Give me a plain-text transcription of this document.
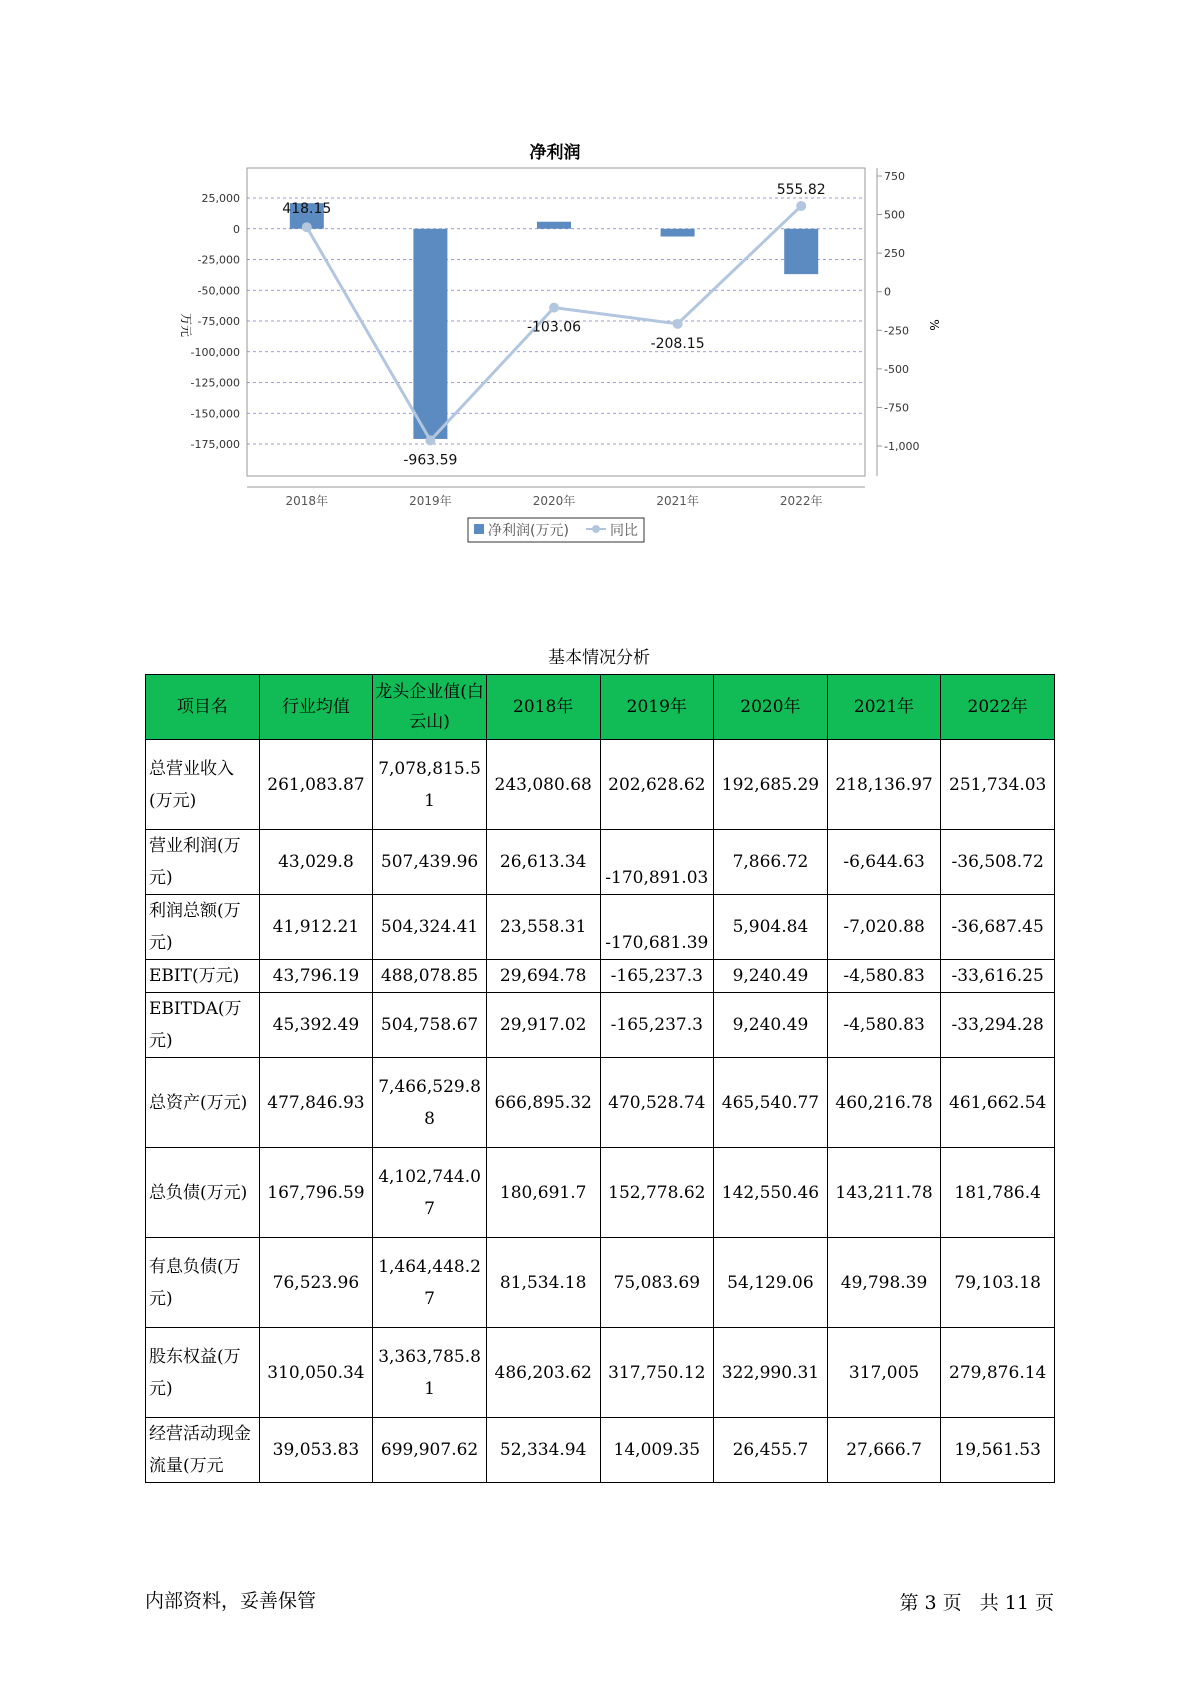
净利润
25,000
0
-25,000
-50,000
-75,000
-100,000
-125,000
-150,000
-175,000
750
500
250
0
-250
-500
-750
-1,000
万元	%
418.15
-963.59
-103.06
-208.15
555.82
2018年	2019年	2020年	2021年	2022年
净利润(万元)	同比
基本情况分析
项目名	行业均值	龙头企业值(白云山)	2018年	2019年	2020年	2021年	2022年
总营业收入(万元)	261,083.87	7,078,815.51	243,080.68	202,628.62	192,685.29	218,136.97	251,734.03
营业利润(万元)	43,029.8	507,439.96	26,613.34	-170,891.03	7,866.72	-6,644.63	-36,508.72
利润总额(万元)	41,912.21	504,324.41	23,558.31	-170,681.39	5,904.84	-7,020.88	-36,687.45
EBIT(万元)	43,796.19	488,078.85	29,694.78	-165,237.3	9,240.49	-4,580.83	-33,616.25
EBITDA(万元)	45,392.49	504,758.67	29,917.02	-165,237.3	9,240.49	-4,580.83	-33,294.28
总资产(万元)	477,846.93	7,466,529.88	666,895.32	470,528.74	465,540.77	460,216.78	461,662.54
总负债(万元)	167,796.59	4,102,744.07	180,691.7	152,778.62	142,550.46	143,211.78	181,786.4
有息负债(万元)	76,523.96	1,464,448.27	81,534.18	75,083.69	54,129.06	49,798.39	79,103.18
股东权益(万元)	310,050.34	3,363,785.81	486,203.62	317,750.12	322,990.31	317,005	279,876.14
经营活动现金流量(万元	39,053.83	699,907.62	52,334.94	14,009.35	26,455.7	27,666.7	19,561.53
内部资料，妥善保管	第 3 页   共 11 页
